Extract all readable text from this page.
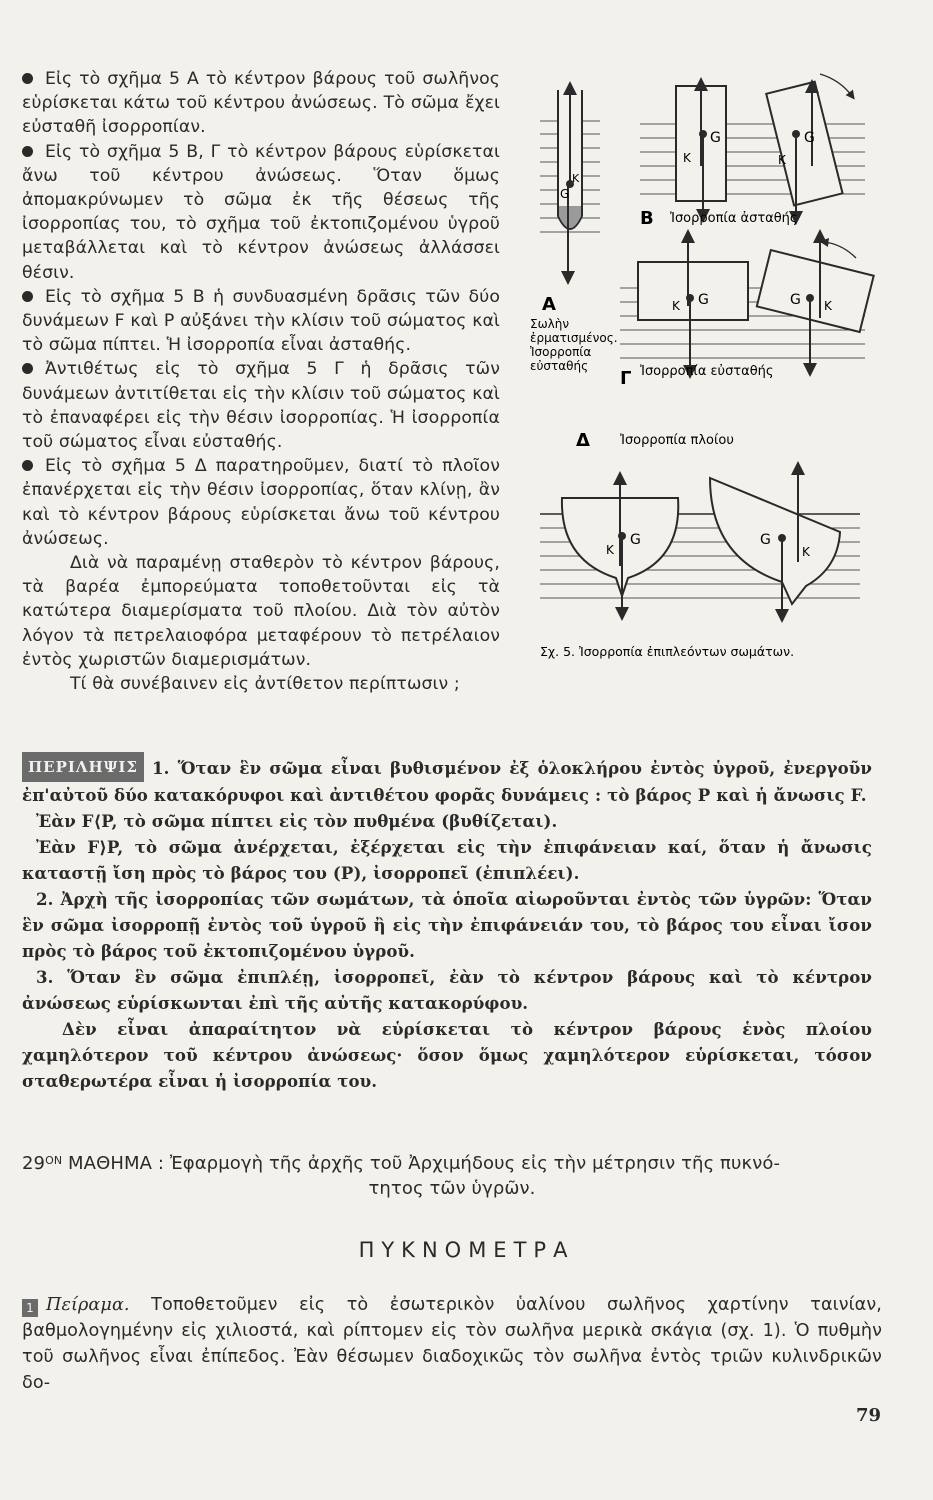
Εἰς τὸ σχῆμα 5 Α τὸ κέντρον βάρους τοῦ σωλῆνος εὑρίσκεται κάτω τοῦ κέντρου ἀνώσεως. Τὸ σῶμα ἔχει εὐσταθῆ ἰσορροπίαν.

Εἰς τὸ σχῆμα 5 Β, Γ τὸ κέντρον βάρους εὑρίσκεται ἄνω τοῦ κέντρου ἀνώσεως. Ὅταν ὅμως ἀπομακρύνωμεν τὸ σῶμα ἐκ τῆς θέσεως τῆς ἰσορροπίας του, τὸ σχῆμα τοῦ ἐκτοπιζομένου ὑγροῦ μεταβάλλεται καὶ τὸ κέντρον ἀνώσεως ἀλλάσσει θέσιν.

Εἰς τὸ σχῆμα 5 Β ἡ συνδυασμένη δρᾶσις τῶν δύο δυνάμεων F καὶ P αὐξάνει τὴν κλίσιν τοῦ σώματος καὶ τὸ σῶμα πίπτει. Ἡ ἰσορροπία εἶναι ἀσταθής.

Ἀντιθέτως εἰς τὸ σχῆμα 5 Γ ἡ δρᾶσις τῶν δυνάμεων ἀντιτίθεται εἰς τὴν κλίσιν τοῦ σώματος καὶ τὸ ἐπαναφέρει εἰς τὴν θέσιν ἰσορροπίας. Ἡ ἰσορροπία τοῦ σώματος εἶναι εὐσταθής.

Εἰς τὸ σχῆμα 5 Δ παρατηροῦμεν, διατί τὸ πλοῖον ἐπανέρχεται εἰς τὴν θέσιν ἰσορροπίας, ὅταν κλίνῃ, ἂν καὶ τὸ κέντρον βάρους εὑρίσκεται ἄνω τοῦ κέντρου ἀνώσεως.

Διὰ νὰ παραμένῃ σταθερὸν τὸ κέντρον βάρους, τὰ βαρέα ἐμπορεύματα τοποθετοῦνται εἰς τὰ κατώτερα διαμερίσματα τοῦ πλοίου. Διὰ τὸν αὐτὸν λόγον τὰ πετρελαιοφόρα μεταφέρουν τὸ πετρέλαιον ἐντὸς χωριστῶν διαμερισμάτων.

Τί θὰ συνέβαινεν εἰς ἀντίθετον περίπτωσιν ;

G
K
Α
Σωλὴν
ἐρματισμένος.
Ἰσορροπία
εὐσταθής
G
K
G
K
Β Ἰσορροπία ἀσταθής
G
K	G K
Γ Ἰσορροπία εὐσταθής
Δ Ἰσορροπία πλοίου
G
K
G
K
Σχ. 5. Ἰσορροπία ἐπιπλεόντων σωμάτων.

ΠΕΡΙΛΗΨΙΣ 1. Ὅταν ἓν σῶμα εἶναι βυθισμένον ἐξ ὁλοκλήρου ἐντὸς ὑγροῦ, ἐνεργοῦν ἐπ'αὐτοῦ δύο κατακόρυφοι καὶ ἀντιθέτου φορᾶς δυνάμεις : τὸ βάρος P καὶ ἡ ἄνωσις F.

Ἐὰν F⟨P, τὸ σῶμα πίπτει εἰς τὸν πυθμένα (βυθίζεται).

Ἐὰν F⟩P, τὸ σῶμα ἀνέρχεται, ἐξέρχεται εἰς τὴν ἐπιφάνειαν καί, ὅταν ἡ ἄνωσις καταστῇ ἴση πρὸς τὸ βάρος του (P), ἰσορροπεῖ (ἐπιπλέει).

2. Ἀρχὴ τῆς ἰσορροπίας τῶν σωμάτων, τὰ ὁποῖα αἰωροῦνται ἐντὸς τῶν ὑγρῶν: Ὅταν ἓν σῶμα ἰσορροπῇ ἐντὸς τοῦ ὑγροῦ ἢ εἰς τὴν ἐπιφάνειάν του, τὸ βάρος του εἶναι ἴσον πρὸς τὸ βάρος τοῦ ἐκτοπιζομένου ὑγροῦ.

3. Ὅταν ἓν σῶμα ἐπιπλέῃ, ἰσορροπεῖ, ἐὰν τὸ κέντρον βάρους καὶ τὸ κέντρον ἀνώσεως εὑρίσκωνται ἐπὶ τῆς αὐτῆς κατακορύφου.

Δὲν εἶναι ἀπαραίτητον νὰ εὑρίσκεται τὸ κέντρον βάρους ἑνὸς πλοίου χαμηλότερον τοῦ κέντρου ἀνώσεως· ὅσον ὅμως χαμηλότερον εὑρίσκεται, τόσον σταθερωτέρα εἶναι ἡ ἰσορροπία του.

$29^{ON}$ ΜΑΘΗΜΑ : Ἐφαρμογὴ τῆς ἀρχῆς τοῦ Ἀρχιμήδους εἰς τὴν μέτρησιν τῆς πυκνό-
τητος τῶν ὑγρῶν.
ΠΥΚΝΟΜΕΤΡΑ
1 Πείραμα. Τοποθετοῦμεν εἰς τὸ ἐσωτερικὸν ὑαλίνου σωλῆνος χαρτίνην ταινίαν, βαθμολογημένην εἰς χιλιοστά, καὶ ρίπτομεν εἰς τὸν σωλῆνα μερικὰ σκάγια (σχ. 1). Ὁ πυθμὴν τοῦ σωλῆνος εἶναι ἐπίπεδος. Ἐὰν θέσωμεν διαδοχικῶς τὸν σωλῆνα ἐντὸς τριῶν κυλινδρικῶν δο-
79
